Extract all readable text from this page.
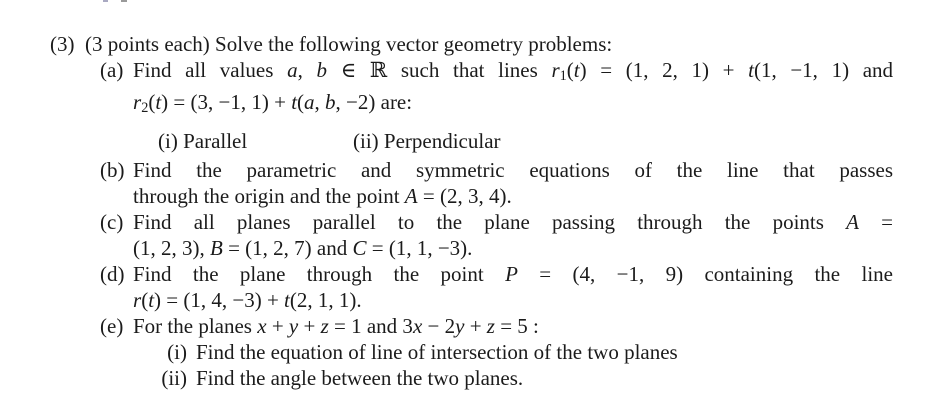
(3) (3 points each) Solve the following vector geometry problems:
(a) Find all values a, b ∈ ℝ such that lines r1(t) = (1, 2, 1) + t(1, −1, 1) and
r2(t) = (3, −1, 1) + t(a, b, −2) are:
(i) Parallel	(ii) Perpendicular
(b) Find the parametric and symmetric equations of the line that passes
through the origin and the point A = (2, 3, 4).
(c) Find all planes parallel to the plane passing through the points A =
(1, 2, 3), B = (1, 2, 7) and C = (1, 1, −3).
(d) Find the plane through the point P = (4, −1, 9) containing the line
r(t) = (1, 4, −3) + t(2, 1, 1).
(e) For the planes x + y + z = 1 and 3x − 2y + z = 5 :
(i) Find the equation of line of intersection of the two planes
(ii) Find the angle between the two planes.
